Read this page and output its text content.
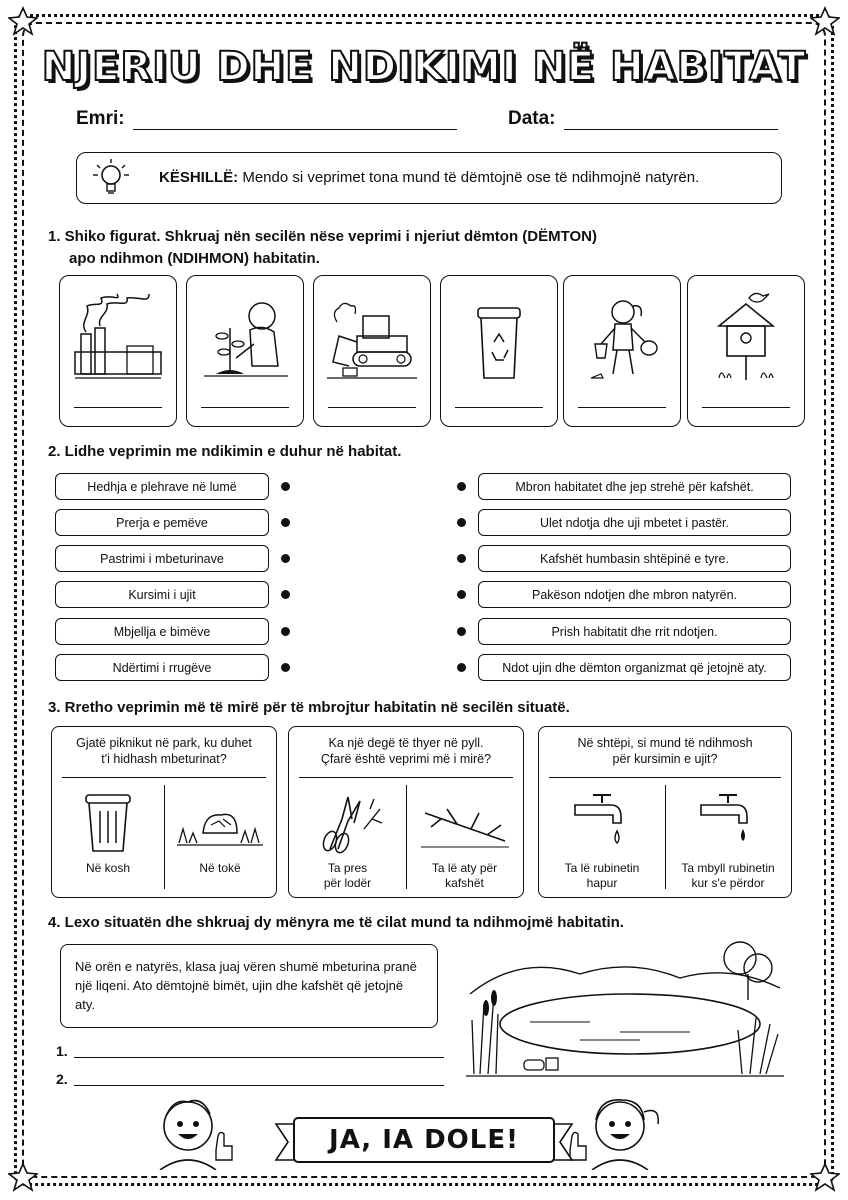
NJERIU DHE NDIKIMI NË HABITAT
Emri:	Data:
KËSHILLË: Mendo si veprimet tona mund të dëmtojnë ose të ndihmojnë natyrën.
1. Shiko figurat. Shkruaj nën secilën nëse veprimi i njeriut dëmton (DËMTON)
apo ndihmon (NDIHMON) habitatin.
2. Lidhe veprimin me ndikimin e duhur në habitat.
Hedhja e plehrave në lumë
Prerja e pemëve
Pastrimi i mbeturinave
Kursimi i ujit
Mbjellja e bimëve
Ndërtimi i rrugëve
Mbron habitatet dhe jep strehë për kafshët.
Ulet ndotja dhe uji mbetet i pastër.
Kafshët humbasin shtëpinë e tyre.
Pakëson ndotjen dhe mbron natyrën.
Prish habitatit dhe rrit ndotjen.
Ndot ujin dhe dëmton organizmat që jetojnë aty.
3. Rretho veprimin më të mirë për të mbrojtur habitatin në secilën situatë.
Gjatë piknikut në park, ku duhet
t'i hidhash mbeturinat?
Në kosh	Në tokë
Ka një degë të thyer në pyll.
Çfarë është veprimi më i mirë?
Ta pres
për lodër
Ta lë aty për
kafshët
Në shtëpi, si mund të ndihmosh
për kursimin e ujit?
Ta lë rubinetin
hapur
Ta mbyll rubinetin
kur s'e përdor
4. Lexo situatën dhe shkruaj dy mënyra me të cilat mund ta ndihmojmë habitatin.
Në orën e natyrës, klasa juaj vëren shumë mbeturina pranë një liqeni. Ato dëmtojnë bimët, ujin dhe kafshët që jetojnë aty.
1.
2.
JA, IA DOLE!
